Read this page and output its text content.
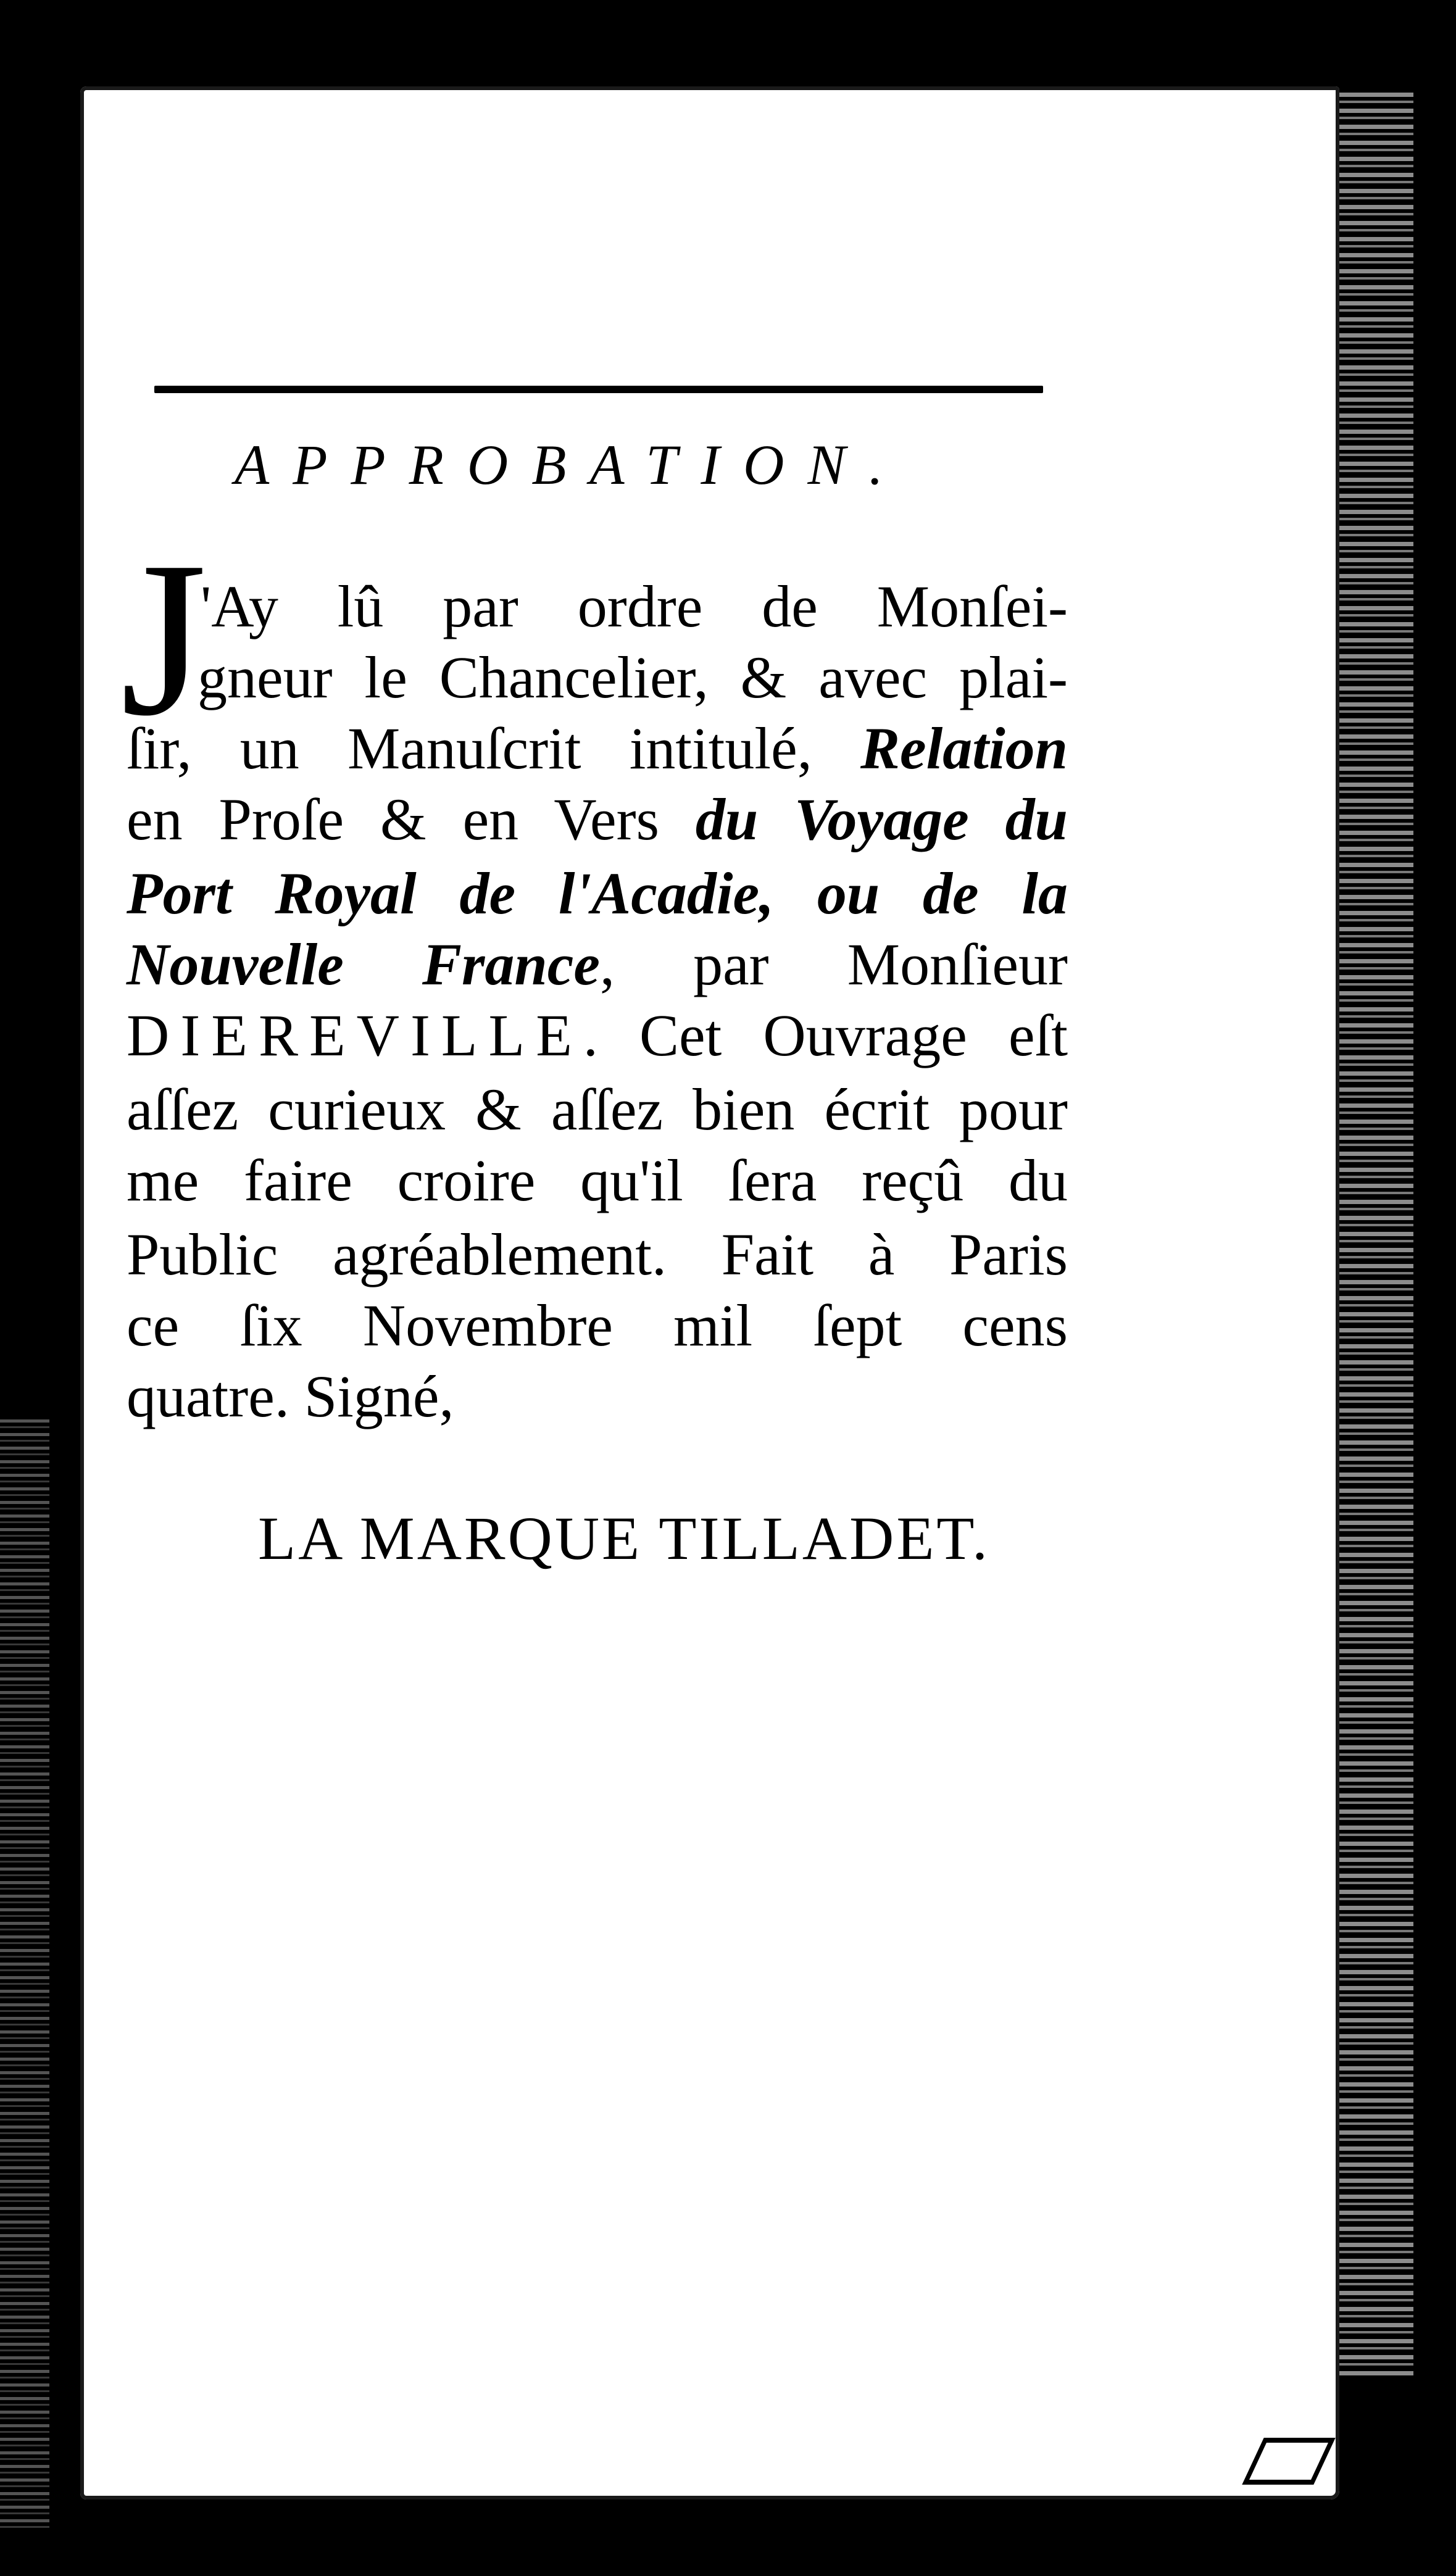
APPROBATION.
J
'Ay lû par ordre de Monſei-
gneur le Chancelier, & avec plai-
ſir, un Manuſcrit intitulé, Relation
en Proſe & en Vers du Voyage du
Port Royal de l'Acadie, ou de la
Nouvelle France, par Monſieur
DIEREVILLE. Cet Ouvrage eſt
aſſez curieux & aſſez bien écrit pour
me faire croire qu'il ſera reçû du
Public agréablement. Fait à Paris
ce ſix Novembre mil ſept cens
quatre. Signé,
LA MARQUE TILLADET.
